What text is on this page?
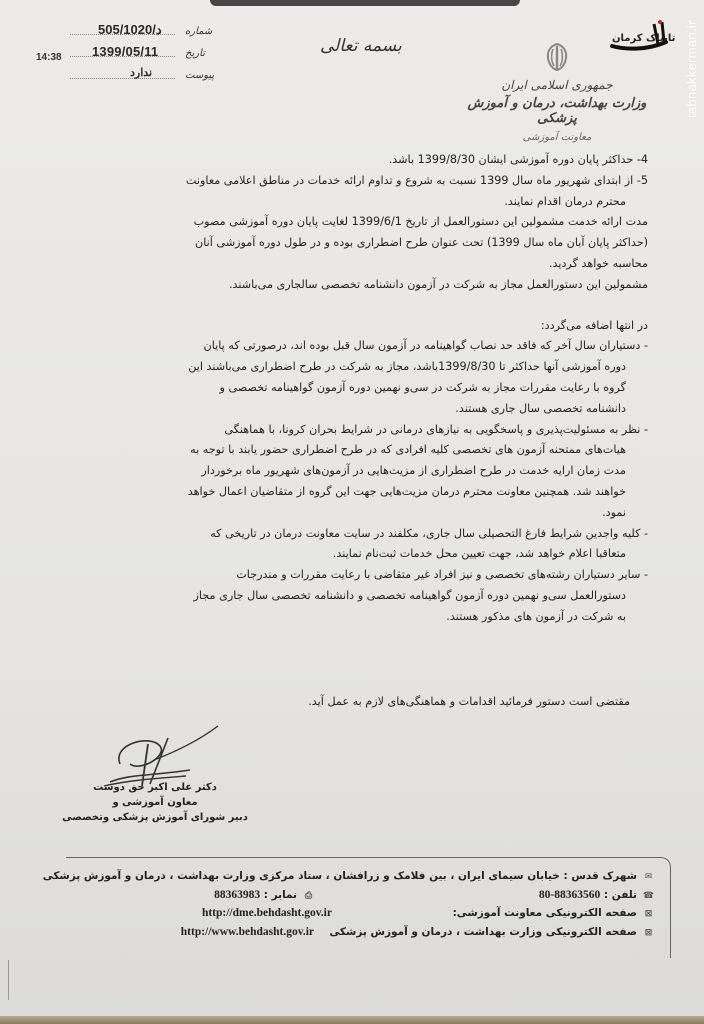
505/1020/د شماره
1399/05/11	تاریخ
ندارد	پیوست
14:38
بسمه تعالی
جمهوری اسلامی ایران
وزارت بهداشت، درمان و آموزش پزشکی
معاونت آموزشی
تابناک کرمان tabnakkerman.ir
4- حداکثر پایان دوره آموزشی ایشان 1399/8/30 باشد.
5- از ابتدای شهریور ماه سال 1399 نسبت به شروع و تداوم ارائه خدمات در مناطق اعلامی معاونت
محترم درمان اقدام نمایند.
مدت ارائه خدمت مشمولین این دستورالعمل از تاریخ 1399/6/1 لغایت پایان دوره آموزشی مصوب
(حداکثر پایان آبان ماه سال 1399) تحت عنوان طرح اضطراری بوده و در طول دوره آموزشی آنان
محاسبه خواهد گردید.
مشمولین این دستورالعمل مجاز به شرکت در آزمون دانشنامه تخصصی سالجاری می‌باشند.
در انتها اضافه می‌گردد:
- دستیاران سال آخر که فاقد حد نصاب گواهینامه در آزمون سال قبل بوده اند، درصورتی که پایان
دوره آموزشی آنها حداکثر تا 1399/8/30باشد، مجاز به شرکت در طرح اضطراری می‌باشند این
گروه با رعایت مقررات مجاز به شرکت در سی‌و نهمین دوره آزمون گواهینامه تخصصی و
دانشنامه تخصصی سال جاری هستند.
- نظر به مسئولیت‌پذیری و پاسخگویی به نیازهای درمانی در شرایط بحران کرونا، با هماهنگی
هیات‌های ممتحنه آزمون های تخصصی کلیه افرادی که در طرح اضطراری حضور یابند با توجه به
مدت زمان ارایه خدمت در طرح اضطراری از مزیت‌هایی در آزمون‌های شهریور ماه برخوردار
خواهند شد. همچنین معاونت محترم درمان مزیت‌هایی جهت این گروه از متقاضیان اعمال خواهد
نمود.
- کلیه واجدین شرایط فارغ التحصیلی سال جاری، مکلفند در سایت معاونت درمان در تاریخی که
متعاقبا اعلام خواهد شد، جهت تعیین محل خدمات ثبت‌نام نمایند.
- سایر دستیاران رشته‌های تخصصی و نیز افراد غیر متقاضی با رعایت مقررات و مندرجات
دستورالعمل سی‌و نهمین دوره آزمون گواهینامه تخصصی و دانشنامه تخصصی سال جاری مجاز
به شرکت در آزمون های مذکور هستند.
مقتضی است دستور فرمائید اقدامات و هماهنگی‌های لازم به عمل آید.
دکتر علی اکبر حق دوست
معاون آموزشی و
دبیر شورای آموزش پزشکی وتخصصی
✉شهرک قدس : خیابان سیمای ایران ، بین فلامک و زرافشان ، ستاد مرکزی وزارت بهداشت ، درمان و آموزش پزشکی
☎تلفن : 88363560-80
⎙نمابر : 88363983
⊠صفحه الکترونیکی معاونت آموزشی:
http://dme.behdasht.gov.ir
⊠صفحه الکترونیکی وزارت بهداشت ، درمان و آموزش پزشکی
http://www.behdasht.gov.ir
